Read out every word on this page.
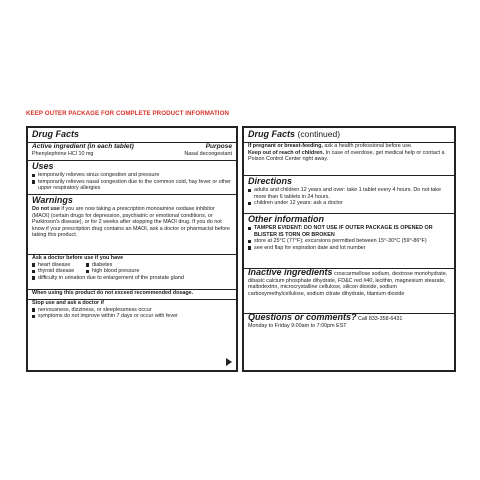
KEEP OUTER PACKAGE FOR COMPLETE PRODUCT INFORMATION
Drug Facts
Active ingredient (in each tablet)	Purpose
Phenylephrine HCl 10 mg	Nasal decongestant
Uses
temporarily relieves sinus congestion and pressure
temporarily relieves nasal congestion due to the common cold, hay fever or other upper respiratory allergies
Warnings

Do not use if you are now taking a prescription monoamine oxidase inhibitor (MAOI) (certain drugs for depression, psychiatric or emotional conditions, or Parkinson's disease), or for 2 weeks after stopping the MAOI drug. If you do not know if your prescription drug contains an MAOI, ask a doctor or pharmacist before taking this product.

Ask a doctor before use if you have

heart disease
thyroid disease
diabetes
high blood pressure
difficulty in urination due to enlargement of the prostate gland

When using this product do not exceed recommended dosage.

Stop use and ask a doctor if

nervousness, dizziness, or sleeplessness occur
symptoms do not improve within 7 days or occur with fever
Drug Facts (continued)

If pregnant or breast-feeding, ask a health professional before use.

Keep out of reach of children. In case of overdose, get medical help or contact a Poison Control Center right away.

Directions
adults and children 12 years and over: take 1 tablet every 4 hours. Do not take more than 6 tablets in 24 hours.
children under 12 years: ask a doctor
Other information
TAMPER EVIDENT: DO NOT USE IF OUTER PACKAGE IS OPENED OR BLISTER IS TORN OR BROKEN
store at 25°C (77°F); excursions permitted between 15°-30°C (59°-86°F)
see end flap for expiration date and lot number

Inactive ingredients croscarmellose sodium, dextrose monohydrate, dibasic calcium phosphate dihydrate, FD&C red #40, lecithin, magnesium stearate, maltodextrin, microcrystalline cellulose, silicon dioxide, sodium carboxymethylcellulose, sodium citrate dihydrate, titanium dioxide

Questions or comments? Call 833-358-6431

Monday to Friday 9:00am to 7:00pm EST
